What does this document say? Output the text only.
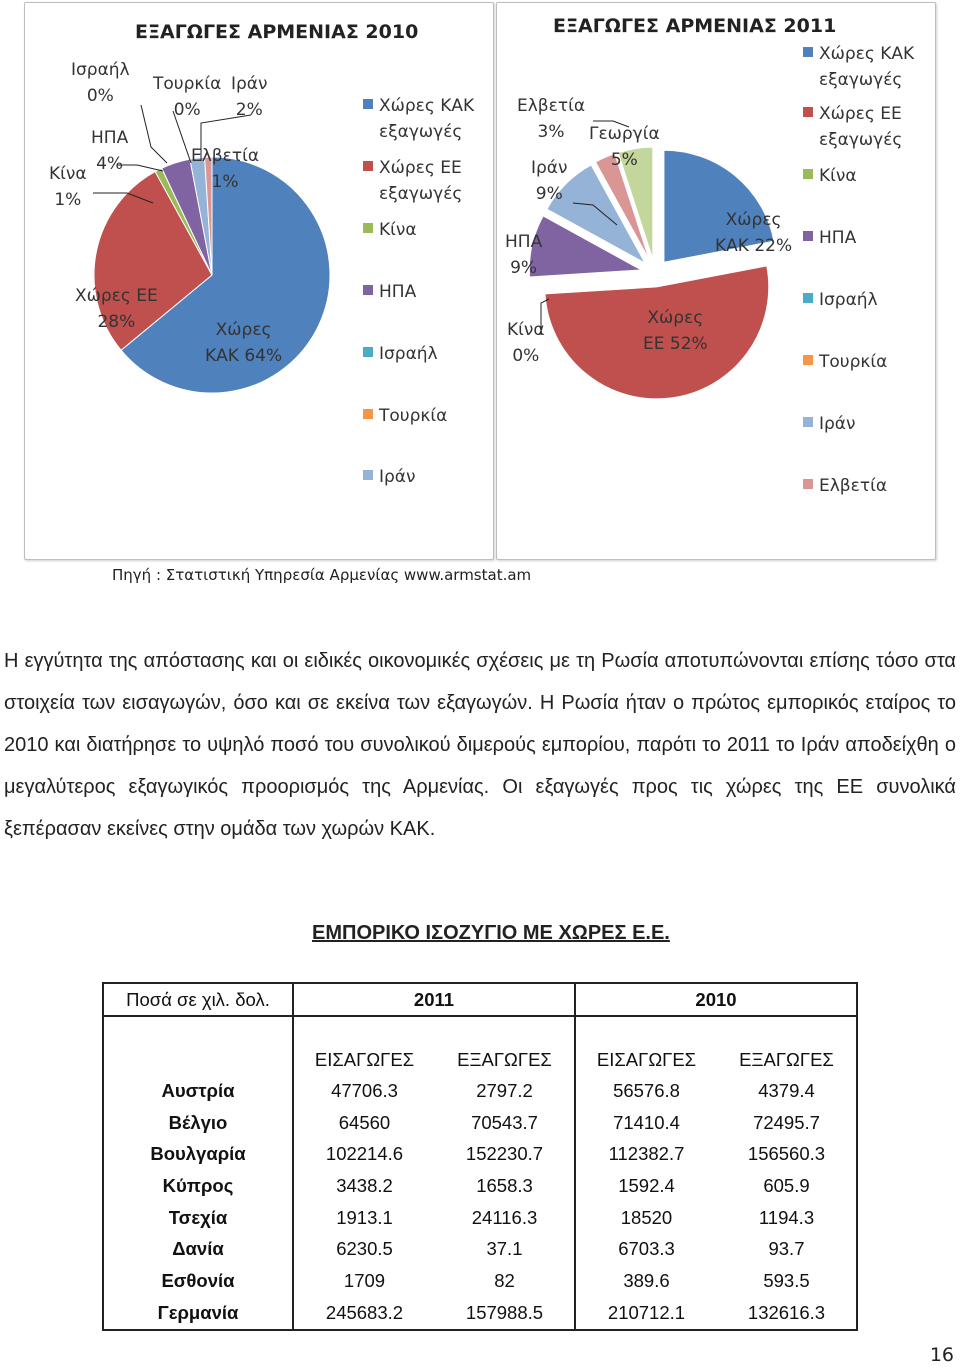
ΕΞΑΓΩΓΕΣ ΑΡΜΕΝΙΑΣ 2010
Ισραήλ
0%
Τουρκία
0%
Ιράν
2%
ΗΠΑ
4%	Ελβετία
1%
Κίνα
1%
Χώρες ΕΕ
28%	Χώρες
ΚΑΚ 64%
Χώρες ΚΑΚ εξαγωγές
Χώρες ΕΕ εξαγωγές
Κίνα
ΗΠΑ
Ισραήλ
Τουρκία
Ιράν
ΕΞΑΓΩΓΕΣ ΑΡΜΕΝΙΑΣ 2011
Ελβετία
3%	Γεωργία
5%
Ιράν
9%
ΗΠΑ
9%
Χώρες
ΚΑΚ 22%
Κίνα
0%
Χώρες
ΕΕ 52%
Χώρες ΚΑΚ εξαγωγές
Χώρες ΕΕ εξαγωγές
Κίνα
ΗΠΑ
Ισραήλ
Τουρκία
Ιράν
Ελβετία
Πηγή : Στατιστική Υπηρεσία Αρμενίας www.armstat.am
Η εγγύτητα της απόστασης και οι ειδικές οικονομικές σχέσεις με τη Ρωσία αποτυπώνονται επίσης τόσο στα στοιχεία των εισαγωγών, όσο και σε εκείνα των εξαγωγών. Η Ρωσία ήταν ο πρώτος εμπορικός εταίρος το 2010 και διατήρησε το υψηλό ποσό του συνολικού διμερούς εμπορίου, παρότι το 2011 το Ιράν αποδείχθη ο μεγαλύτερος εξαγωγικός προορισμός της Αρμενίας. Οι εξαγωγές προς τις χώρες της ΕΕ συνολικά ξεπέρασαν εκείνες στην ομάδα των χωρών ΚΑΚ.
ΕΜΠΟΡΙΚΟ ΙΣΟΖΥΓΙΟ ΜΕ ΧΩΡΕΣ Ε.Ε.
Ποσά σε χιλ. δολ.	2011		2010	
	ΕΙΣΑΓΩΓΕΣ	ΕΞΑΓΩΓΕΣ	ΕΙΣΑΓΩΓΕΣ	ΕΞΑΓΩΓΕΣ
Αυστρία	47706.3	2797.2	56576.8	4379.4
Βέλγιο	64560	70543.7	71410.4	72495.7
Βουλγαρία	102214.6	152230.7	112382.7	156560.3
Κύπρος	3438.2	1658.3	1592.4	605.9
Τσεχία	1913.1	24116.3	18520	1194.3
Δανία	6230.5	37.1	6703.3	93.7
Εσθονία	1709	82	389.6	593.5
Γερμανία	245683.2	157988.5	210712.1	132616.3
16
